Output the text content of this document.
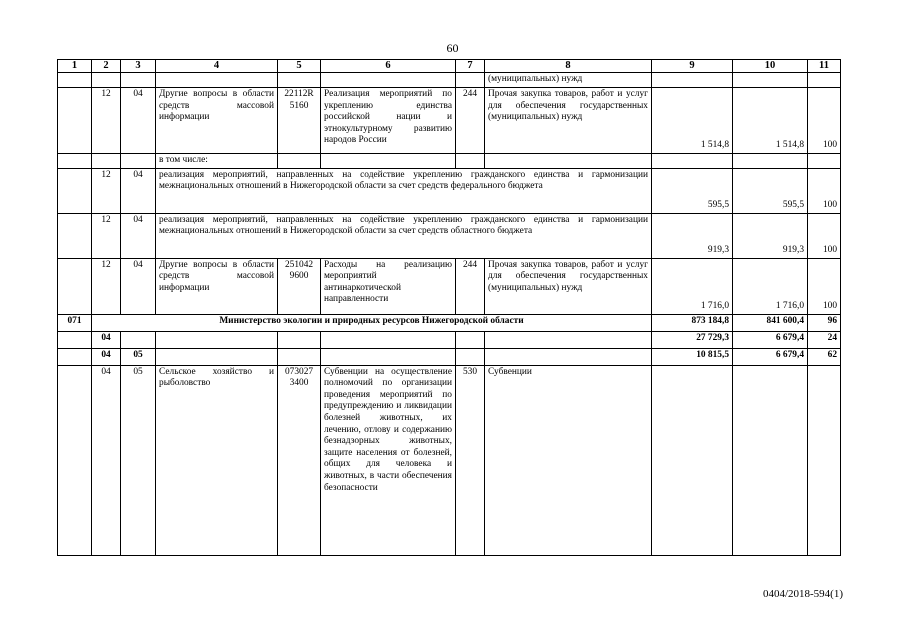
60
1	2	3	4	5	6	7	8	9	10	11
							(муниципальных) нужд			
	12	04	Другие вопросы в области средств массовой информации	22112R 5160	Реализация мероприятий по укреплению единства российской нации и этнокультурному развитию народов России	244	Прочая закупка товаров, работ и услуг для обеспечения государственных (муниципальных) нужд	1 514,8	1 514,8	100
			в том числе:							
	12	04	реализация мероприятий, направленных на содействие укреплению гражданского единства и гармонизации межнациональных отношений в Нижегородской области за счет средств федерального бюджета					595,5	595,5	100
	12	04	реализация мероприятий, направленных на содействие укреплению гражданского единства и гармонизации межнациональных отношений в Нижегородской области за счет средств областного бюджета					919,3	919,3	100
	12	04	Другие вопросы в области средств массовой информации	251042 9600	Расходы на реализацию мероприятий антинаркотической направленности	244	Прочая закупка товаров, работ и услуг для обеспечения государственных (муниципальных) нужд	1 716,0	1 716,0	100
071	Министерство экологии и природных ресурсов Нижегородской области							873 184,8	841 600,4	96
	04							27 729,3	6 679,4	24
	04	05						10 815,5	6 679,4	62
	04	05	Сельское хозяйство и рыболовство	073027 3400	Субвенции на осуществление полномочий по организации проведения мероприятий по предупреждению и ликвидации болезней животных, их лечению, отлову и содержанию безнадзорных животных, защите населения от болезней, общих для человека и животных, в части обеспечения безопасности	530	Субвенции			
0404/2018-594(1)
